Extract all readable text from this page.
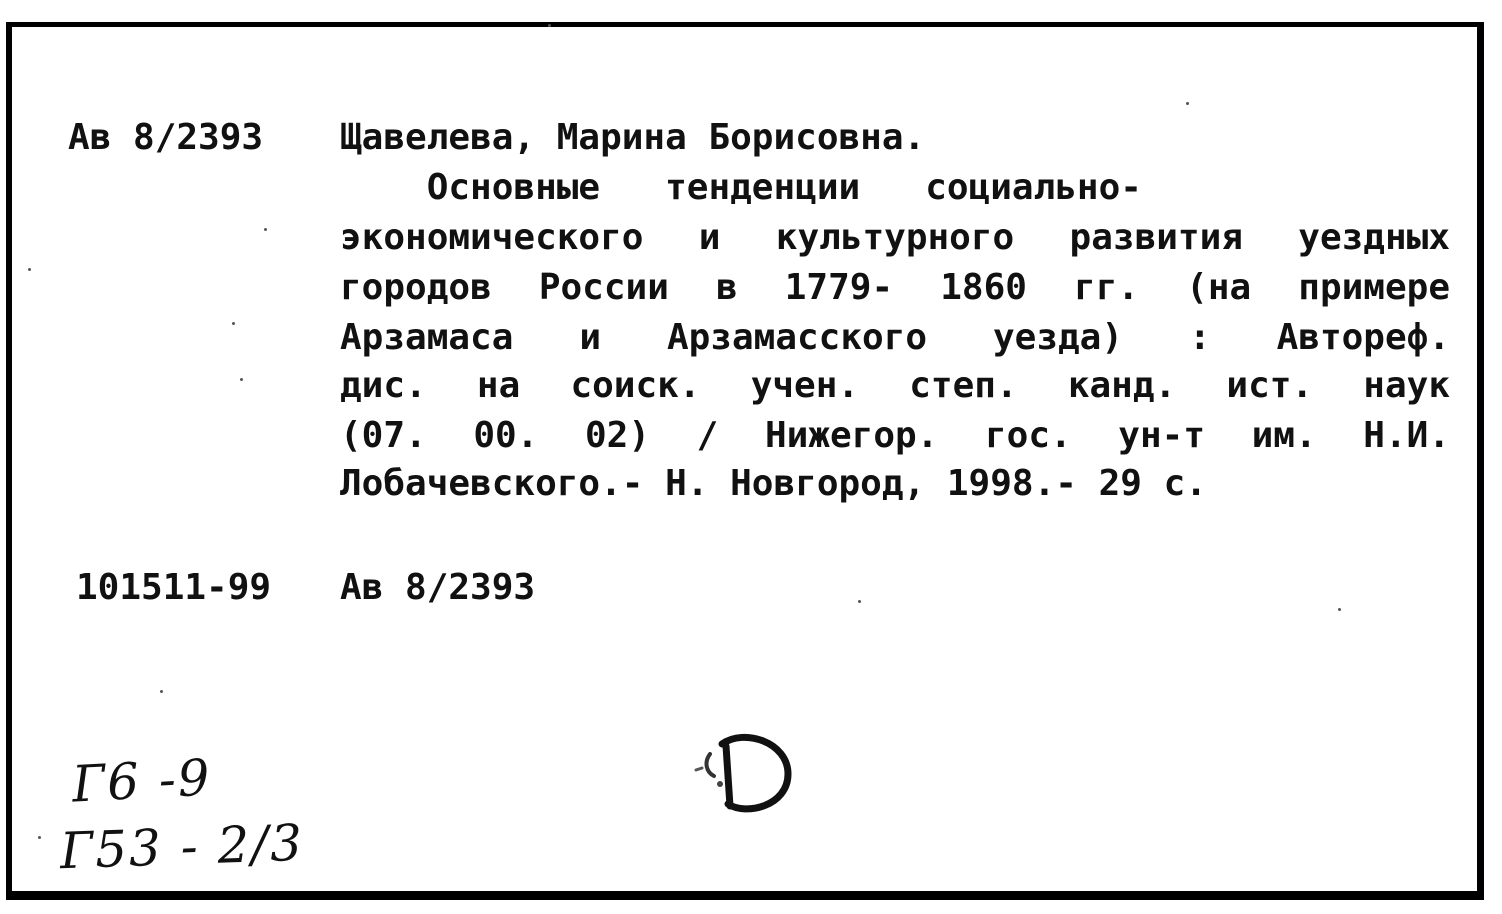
Ав 8/2393 Щавелева, Марина Борисовна.
Основные   тенденции   социально-
экономического и культурного развития уездных
городов России в 1779- 1860 гг. (на примере
Арзамаса и Арзамасского уезда) : Автореф.
дис. на соиск. учен. степ. канд. ист. наук
(07. 00. 02) / Нижегор. гос. ун-т им. Н.И.
Лобачевского.- Н. Новгород, 1998.- 29 с.
101511-99 Ав 8/2393
Г6 -9
Г53 - 2/3
